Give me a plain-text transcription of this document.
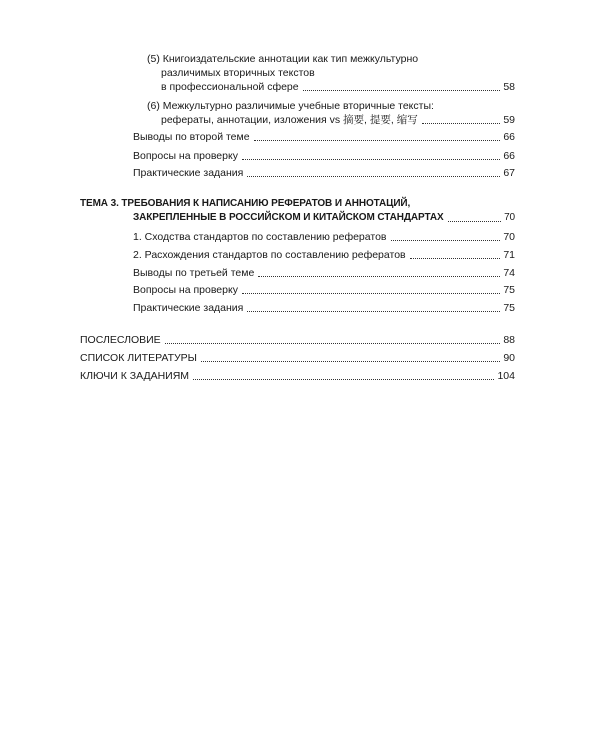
(5) Книгоиздательские аннотации как тип межкультурно
различимых вторичных текстов
в профессиональной сфере	58
(6) Межкультурно различимые учебные вторичные тексты:
рефераты, аннотации, изложения vs 摘要, 提要, 缩写	59
Выводы по второй теме	66
Вопросы на проверку	66
Практические задания	67
ТЕМА 3. ТРЕБОВАНИЯ К НАПИСАНИЮ РЕФЕРАТОВ И АННОТАЦИЙ,
ЗАКРЕПЛЕННЫЕ В РОССИЙСКОМ И КИТАЙСКОМ СТАНДАРТАХ	70
1. Сходства стандартов по составлению рефератов	70
2. Расхождения стандартов по составлению рефератов	71
Выводы по третьей теме	74
Вопросы на проверку	75
Практические задания	75
ПОСЛЕСЛОВИЕ	88
СПИСОК ЛИТЕРАТУРЫ	90
КЛЮЧИ К ЗАДАНИЯМ	104
